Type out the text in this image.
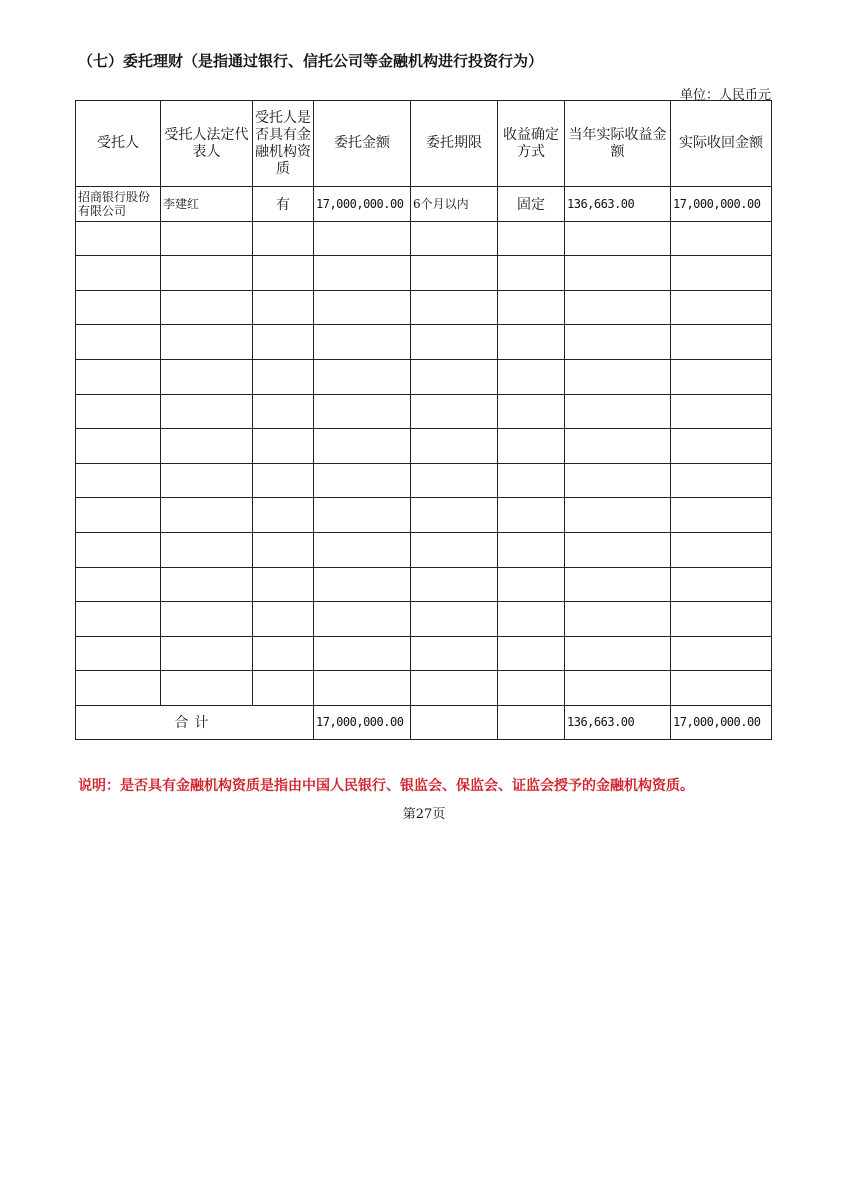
（七）委托理财（是指通过银行、信托公司等金融机构进行投资行为）
单位：人民币元
受托人	受托人法定代表人	受托人是否具有金融机构资质	委托金额	委托期限	收益确定方式	当年实际收益金额	实际收回金额
招商银行股份有限公司	李建红	有	17,000,000.00	6个月以内	固定	136,663.00	17,000,000.00

合计			17,000,000.00			136,663.00	17,000,000.00
说明：是否具有金融机构资质是指由中国人民银行、银监会、保监会、证监会授予的金融机构资质。
第27页
